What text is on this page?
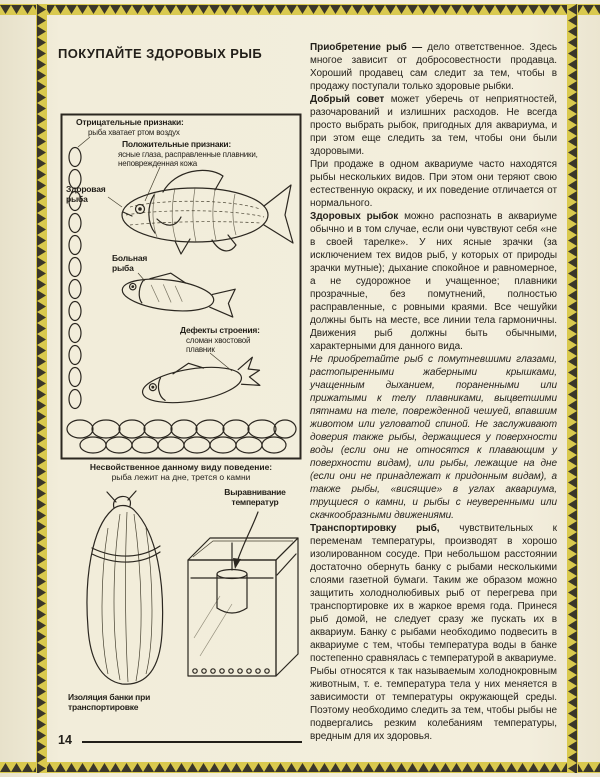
ПОКУПАЙТЕ ЗДОРОВЫХ РЫБ
Отрицательные признаки:
рыба хватает ртом воздух
Положительные признаки:
ясные глаза, расправленные плавники, неповрежденная кожа
Здоровая рыба
Больная рыба
Дефекты строения:
сломан хвостовой плавник
Несвойственное данному виду поведение:
рыба лежит на дне, трется о камни
Выравнивание температур
Изоляция банки при транспортировке
14

Приобретение рыб — дело ответственное. Здесь многое зависит от добросовестности продавца. Хороший продавец сам следит за тем, чтобы в продажу поступали только здоровые рыбки.

Добрый совет может уберечь от неприятностей, разочарований и излишних расходов. Не всегда просто выбрать рыбок, пригодных для аквариума, и при этом еще следить за тем, чтобы они были здоровыми.

При продаже в одном аквариуме часто находятся рыбы нескольких видов. При этом они теряют свою естественную окраску, и их поведение отличается от нормального.

Здоровых рыбок можно распознать в аквариуме обычно и в том случае, если они чувствуют себя «не в своей тарелке». У них ясные зрачки (за исключением тех видов рыб, у которых от природы зрачки мутные); дыхание спокойное и равномерное, а не судорожное и учащенное; плавники прозрачные, без помутнений, полностью расправленные, с ровными краями. Все чешуйки должны быть на месте, все линии тела гармоничны. Движения рыб должны быть обычными, характерными для данного вида.

Не приобретайте рыб с помутневшими глазами, растопыренными жаберными крышками, учащенным дыханием, пораненными или прижатыми к телу плавниками, выцветшими пятнами на теле, поврежденной чешуей, впавшим животом или угловатой спиной. Не заслуживают доверия также рыбы, держащиеся у поверхности воды (если они не относятся к плавающим у поверхности видам), или рыбы, лежащие на дне (если они не принадлежат к придонным видам), а также рыбы, «висящие» в углах аквариума, трущиеся о камни, и рыбы с неуверенными или скачкообразными движениями.

Транспортировку рыб, чувствительных к переменам температуры, производят в хорошо изолированном сосуде. При небольшом расстоянии достаточно обернуть банку с рыбами несколькими слоями газетной бумаги. Таким же образом можно защитить холоднолюбивых рыб от перегрева при транспортировке их в жаркое время года. Принеся рыб домой, не следует сразу же пускать их в аквариум. Банку с рыбами необходимо подвесить в аквариуме с тем, чтобы температура воды в банке постепенно сравнялась с температурой в аквариуме.

Рыбы относятся к так называемым холоднокровным животным, т. е. температура тела у них меняется в зависимости от температуры окружающей среды. Поэтому необходимо следить за тем, чтобы рыбы не подвергались резким колебаниям температуры, вредным для их здоровья.
